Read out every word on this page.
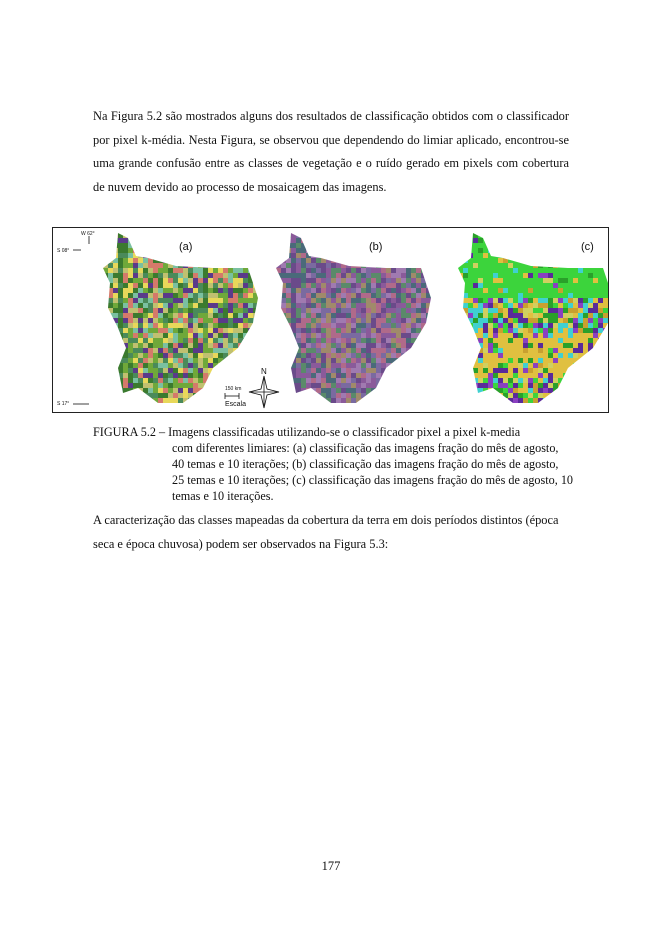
Na Figura 5.2 são mostrados alguns dos resultados de classificação obtidos com o classificador por pixel k-média. Nesta Figura, se observou que dependendo do limiar aplicado, encontrou-se uma grande confusão entre as classes de vegetação e o ruído gerado em pixels com cobertura de nuvem devido ao processo de mosaicagem das imagens.

(a)	(b)	(c)
W 62°
S 08°
S 17°
150 km
Escala
N
FIGURA 5.2 – Imagens classificadas utilizando-se o classificador pixel a pixel k-media
com diferentes limiares: (a) classificação das imagens fração do mês de agosto, 40 temas e 10 iterações; (b) classificação das imagens fração do mês de agosto, 25 temas e 10 iterações; (c) classificação das imagens fração do mês de agosto, 10 temas e 10 iterações.

A caracterização das classes mapeadas da cobertura da terra em dois períodos distintos (época seca e época chuvosa) podem ser observados na Figura 5.3:

177
